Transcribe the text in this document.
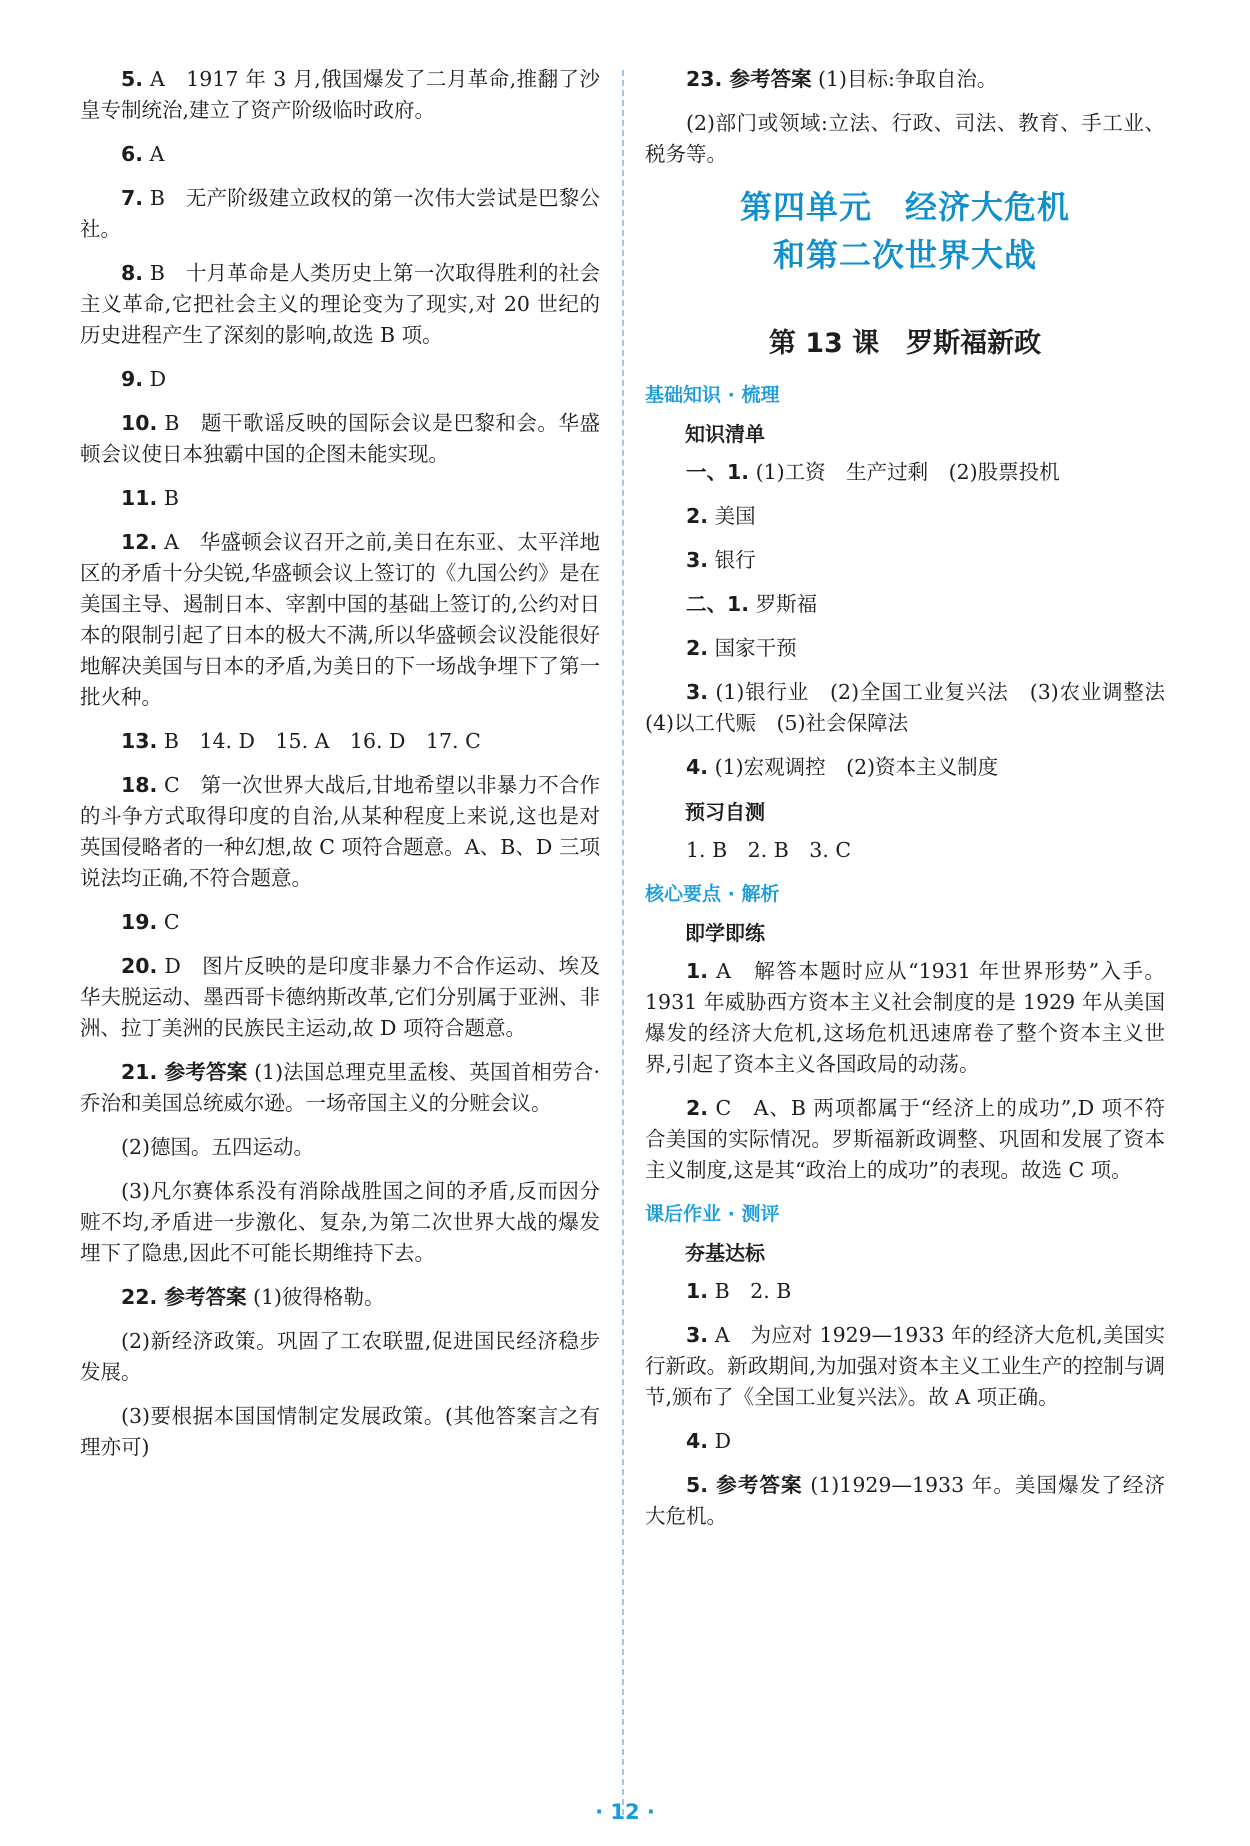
5. A　1917 年 3 月,俄国爆发了二月革命,推翻了沙皇专制统治,建立了资产阶级临时政府。

6. A

7. B　无产阶级建立政权的第一次伟大尝试是巴黎公社。

8. B　十月革命是人类历史上第一次取得胜利的社会主义革命,它把社会主义的理论变为了现实,对 20 世纪的历史进程产生了深刻的影响,故选 B 项。

9. D

10. B　题干歌谣反映的国际会议是巴黎和会。华盛顿会议使日本独霸中国的企图未能实现。

11. B

12. A　华盛顿会议召开之前,美日在东亚、太平洋地区的矛盾十分尖锐,华盛顿会议上签订的《九国公约》是在美国主导、遏制日本、宰割中国的基础上签订的,公约对日本的限制引起了日本的极大不满,所以华盛顿会议没能很好地解决美国与日本的矛盾,为美日的下一场战争埋下了第一批火种。

13. B　14. D　15. A　16. D　17. C

18. C　第一次世界大战后,甘地希望以非暴力不合作的斗争方式取得印度的自治,从某种程度上来说,这也是对英国侵略者的一种幻想,故 C 项符合题意。A、B、D 三项说法均正确,不符合题意。

19. C

20. D　图片反映的是印度非暴力不合作运动、埃及华夫脱运动、墨西哥卡德纳斯改革,它们分别属于亚洲、非洲、拉丁美洲的民族民主运动,故 D 项符合题意。

21. 参考答案 (1)法国总理克里孟梭、英国首相劳合·乔治和美国总统威尔逊。一场帝国主义的分赃会议。

(2)德国。五四运动。

(3)凡尔赛体系没有消除战胜国之间的矛盾,反而因分赃不均,矛盾进一步激化、复杂,为第二次世界大战的爆发埋下了隐患,因此不可能长期维持下去。

22. 参考答案 (1)彼得格勒。

(2)新经济政策。巩固了工农联盟,促进国民经济稳步发展。

(3)要根据本国国情制定发展政策。(其他答案言之有理亦可)

23. 参考答案 (1)目标:争取自治。

(2)部门或领域:立法、行政、司法、教育、手工业、税务等。

第四单元　经济大危机
和第二次世界大战
第 13 课　罗斯福新政
基础知识 · 梳理
知识清单

一、1. (1)工资　生产过剩　(2)股票投机

2. 美国

3. 银行

二、1. 罗斯福

2. 国家干预

3. (1)银行业　(2)全国工业复兴法　(3)农业调整法　(4)以工代赈　(5)社会保障法

4. (1)宏观调控　(2)资本主义制度

预习自测

1. B　2. B　3. C

核心要点 · 解析
即学即练

1. A　解答本题时应从“1931 年世界形势”入手。1931 年威胁西方资本主义社会制度的是 1929 年从美国爆发的经济大危机,这场危机迅速席卷了整个资本主义世界,引起了资本主义各国政局的动荡。

2. C　A、B 两项都属于“经济上的成功”,D 项不符合美国的实际情况。罗斯福新政调整、巩固和发展了资本主义制度,这是其“政治上的成功”的表现。故选 C 项。

课后作业 · 测评
夯基达标

1. B　2. B

3. A　为应对 1929—1933 年的经济大危机,美国实行新政。新政期间,为加强对资本主义工业生产的控制与调节,颁布了《全国工业复兴法》。故 A 项正确。

4. D

5. 参考答案 (1)1929—1933 年。美国爆发了经济大危机。

· 12 ·
